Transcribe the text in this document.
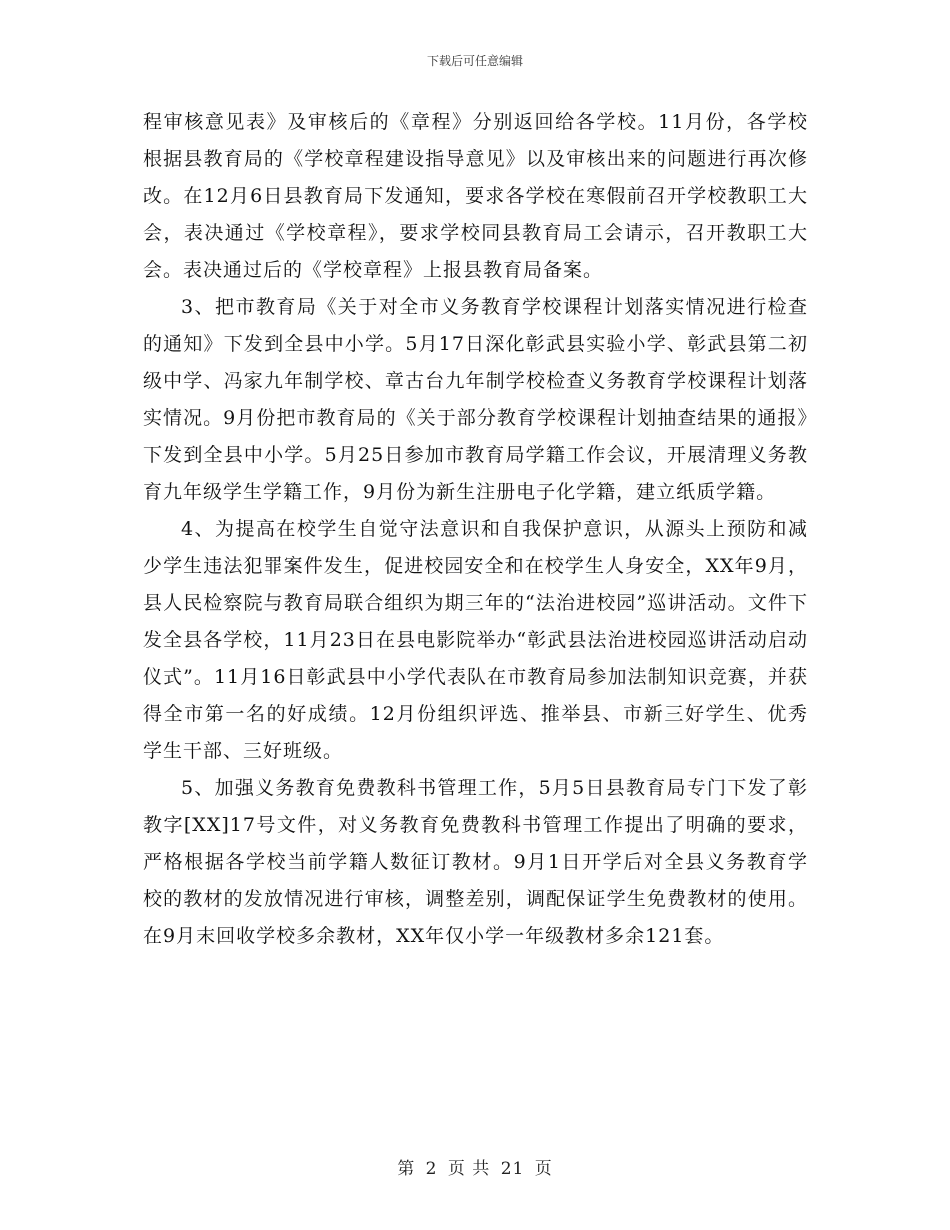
下载后可任意编辑

程审核意见表》及审核后的《章程》分别返回给各学校。11月份，各学校根据县教育局的《学校章程建设指导意见》以及审核出来的问题进行再次修改。在12月6日县教育局下发通知，要求各学校在寒假前召开学校教职工大会，表决通过《学校章程》，要求学校同县教育局工会请示，召开教职工大会。表决通过后的《学校章程》上报县教育局备案。

3、把市教育局《关于对全市义务教育学校课程计划落实情况进行检查的通知》下发到全县中小学。5月17日深化彰武县实验小学、彰武县第二初级中学、冯家九年制学校、章古台九年制学校检查义务教育学校课程计划落实情况。9月份把市教育局的《关于部分教育学校课程计划抽查结果的通报》下发到全县中小学。5月25日参加市教育局学籍工作会议，开展清理义务教育九年级学生学籍工作，9月份为新生注册电子化学籍，建立纸质学籍。

4、为提高在校学生自觉守法意识和自我保护意识，从源头上预防和减少学生违法犯罪案件发生，促进校园安全和在校学生人身安全，XX年9月，县人民检察院与教育局联合组织为期三年的“法治进校园”巡讲活动。文件下发全县各学校，11月23日在县电影院举办“彰武县法治进校园巡讲活动启动仪式”。11月16日彰武县中小学代表队在市教育局参加法制知识竞赛，并获得全市第一名的好成绩。12月份组织评选、推举县、市新三好学生、优秀学生干部、三好班级。

5、加强义务教育免费教科书管理工作，5月5日县教育局专门下发了彰教字[XX]17号文件，对义务教育免费教科书管理工作提出了明确的要求，严格根据各学校当前学籍人数征订教材。9月1日开学后对全县义务教育学校的教材的发放情况进行审核，调整差别，调配保证学生免费教材的使用。在9月末回收学校多余教材，XX年仅小学一年级教材多余121套。

第 2 页 共 21 页
